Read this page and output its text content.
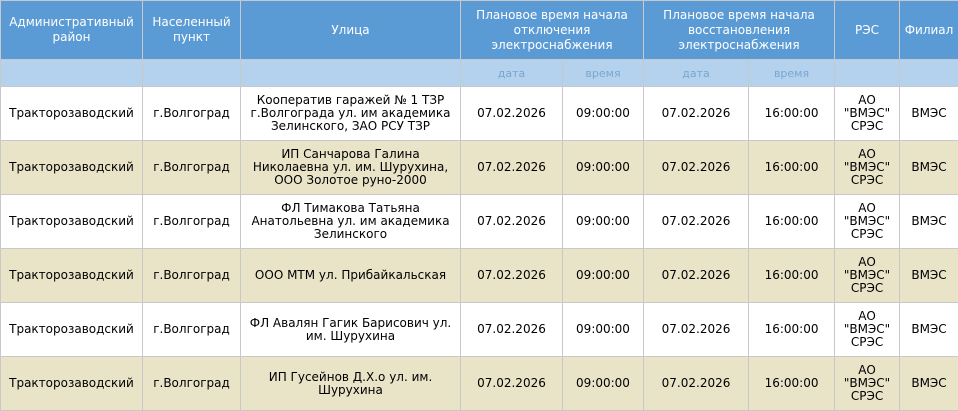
Административный район	Населенный пункт	Улица	Плановое время начала отключения электроснабжения		Плановое время начала восстановления электроснабжения		РЭС	Филиал
			дата	время	дата	время		
Тракторозаводский	г.Волгоград	Кооператив гаражей № 1 ТЗР г.Волгограда ул. им академика Зелинского, ЗАО РСУ ТЗР	07.02.2026	09:00:00	07.02.2026	16:00:00	АО "ВМЭС" СРЭС	ВМЭС
Тракторозаводский	г.Волгоград	ИП Санчарова Галина Николаевна ул. им. Шурухина, ООО Золотое руно-2000	07.02.2026	09:00:00	07.02.2026	16:00:00	АО "ВМЭС" СРЭС	ВМЭС
Тракторозаводский	г.Волгоград	ФЛ Тимакова Татьяна Анатольевна ул. им академика Зелинского	07.02.2026	09:00:00	07.02.2026	16:00:00	АО "ВМЭС" СРЭС	ВМЭС
Тракторозаводский	г.Волгоград	ООО МТМ ул. Прибайкальская	07.02.2026	09:00:00	07.02.2026	16:00:00	АО "ВМЭС" СРЭС	ВМЭС
Тракторозаводский	г.Волгоград	ФЛ Авалян Гагик Барисович ул. им. Шурухина	07.02.2026	09:00:00	07.02.2026	16:00:00	АО "ВМЭС" СРЭС	ВМЭС
Тракторозаводский	г.Волгоград	ИП Гусейнов Д.Х.о ул. им. Шурухина	07.02.2026	09:00:00	07.02.2026	16:00:00	АО "ВМЭС" СРЭС	ВМЭС
